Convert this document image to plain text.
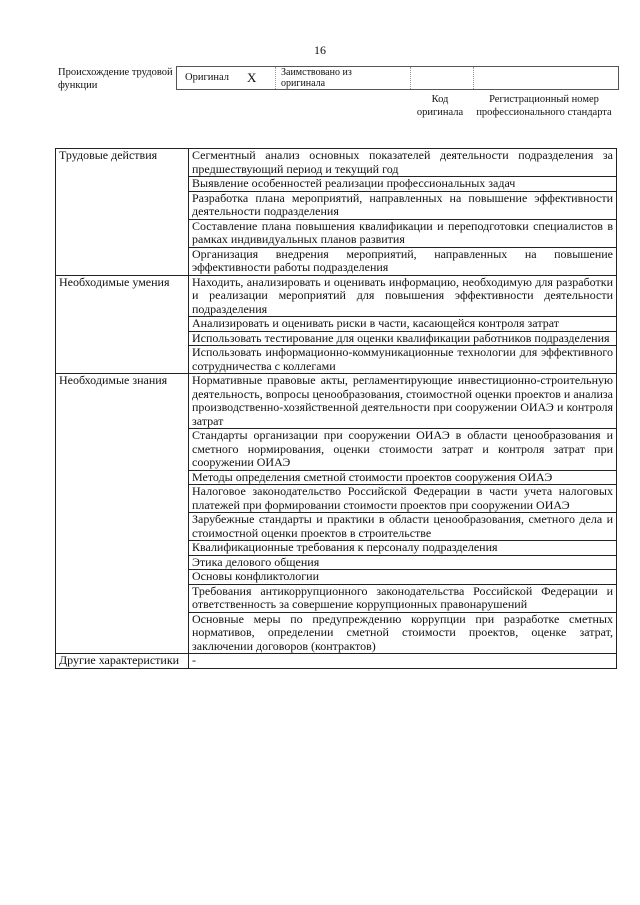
16
Происхождение трудовой функции
Оригинал X Заимствовано из оригинала
Код оригинала
Регистрационный номер профессионального стандарта
Трудовые действия	Сегментный анализ основных показателей деятельности подразделения за предшествующий период и текущий год
	Выявление особенностей реализации профессиональных задач
	Разработка плана мероприятий, направленных на повышение эффективности деятельности подразделения
	Составление плана повышения квалификации и переподготовки специалистов в рамках индивидуальных планов развития
	Организация внедрения мероприятий, направленных на повышение эффективности работы подразделения
Необходимые умения	Находить, анализировать и оценивать информацию, необходимую для разработки и реализации мероприятий для повышения эффективности деятельности подразделения
	Анализировать и оценивать риски в части, касающейся контроля затрат
	Использовать тестирование для оценки квалификации работников подразделения
	Использовать информационно-коммуникационные технологии для эффективного сотрудничества с коллегами
Необходимые знания	Нормативные правовые акты, регламентирующие инвестиционно-строительную деятельность, вопросы ценообразования, стоимостной оценки проектов и анализа производственно-хозяйственной деятельности при сооружении ОИАЭ и контроля затрат
	Стандарты организации при сооружении ОИАЭ в области ценообразования и сметного нормирования, оценки стоимости затрат и контроля затрат при сооружении ОИАЭ
	Методы определения сметной стоимости проектов сооружения ОИАЭ
	Налоговое законодательство Российской Федерации в части учета налоговых платежей при формировании стоимости проектов при сооружении ОИАЭ
	Зарубежные стандарты и практики в области ценообразования, сметного дела и стоимостной оценки проектов в строительстве
	Квалификационные требования к персоналу подразделения
	Этика делового общения
	Основы конфликтологии
	Требования антикоррупционного законодательства Российской Федерации и ответственность за совершение коррупционных правонарушений
	Основные меры по предупреждению коррупции при разработке сметных нормативов, определении сметной стоимости проектов, оценке затрат, заключении договоров (контрактов)
Другие характеристики	-
